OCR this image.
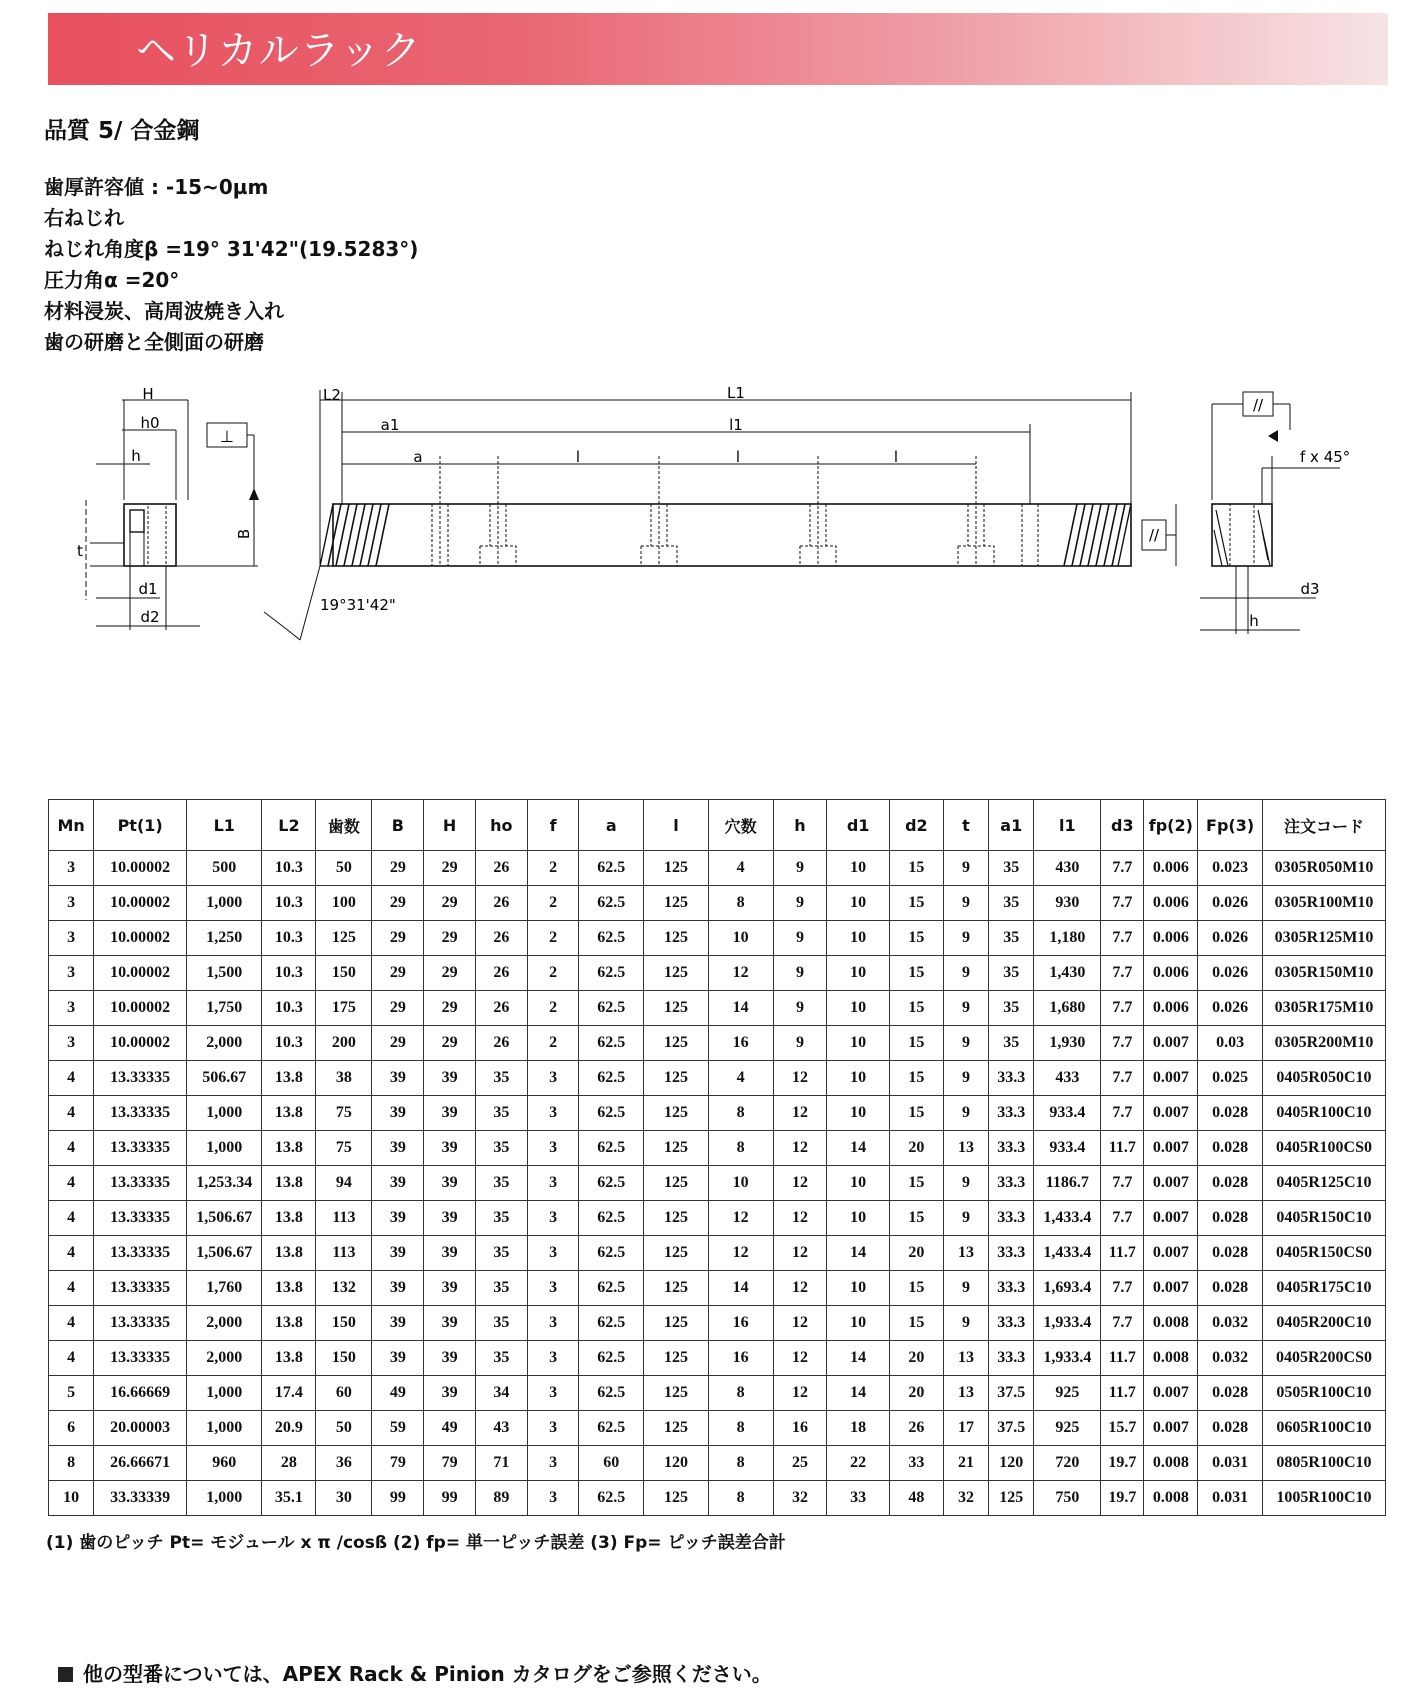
ヘリカルラック
品質 5/ 合金鋼
歯厚許容値 : -15~0µm
右ねじれ
ねじれ角度β =19° 31'42"(19.5283°)
圧力角α =20°
材料浸炭、高周波焼き入れ
歯の研磨と全側面の研磨
H
h0
h
⊥
B
t
d1
d2
L2	L1
a1	l1
a	l	l	l
19°31'42"
//
//
f x 45°
d3
h
Mn	Pt(1)	L1	L2	歯数	B	H	ho	f	a	l	穴数	h	d1	d2	t	a1	l1	d3	fp(2)	Fp(3)	注文コード
3	10.00002	500	10.3	50	29	29	26	2	62.5	125	4	9	10	15	9	35	430	7.7	0.006	0.023	0305R050M10
3	10.00002	1,000	10.3	100	29	29	26	2	62.5	125	8	9	10	15	9	35	930	7.7	0.006	0.026	0305R100M10
3	10.00002	1,250	10.3	125	29	29	26	2	62.5	125	10	9	10	15	9	35	1,180	7.7	0.006	0.026	0305R125M10
3	10.00002	1,500	10.3	150	29	29	26	2	62.5	125	12	9	10	15	9	35	1,430	7.7	0.006	0.026	0305R150M10
3	10.00002	1,750	10.3	175	29	29	26	2	62.5	125	14	9	10	15	9	35	1,680	7.7	0.006	0.026	0305R175M10
3	10.00002	2,000	10.3	200	29	29	26	2	62.5	125	16	9	10	15	9	35	1,930	7.7	0.007	0.03	0305R200M10
4	13.33335	506.67	13.8	38	39	39	35	3	62.5	125	4	12	10	15	9	33.3	433	7.7	0.007	0.025	0405R050C10
4	13.33335	1,000	13.8	75	39	39	35	3	62.5	125	8	12	10	15	9	33.3	933.4	7.7	0.007	0.028	0405R100C10
4	13.33335	1,000	13.8	75	39	39	35	3	62.5	125	8	12	14	20	13	33.3	933.4	11.7	0.007	0.028	0405R100CS0
4	13.33335	1,253.34	13.8	94	39	39	35	3	62.5	125	10	12	10	15	9	33.3	1186.7	7.7	0.007	0.028	0405R125C10
4	13.33335	1,506.67	13.8	113	39	39	35	3	62.5	125	12	12	10	15	9	33.3	1,433.4	7.7	0.007	0.028	0405R150C10
4	13.33335	1,506.67	13.8	113	39	39	35	3	62.5	125	12	12	14	20	13	33.3	1,433.4	11.7	0.007	0.028	0405R150CS0
4	13.33335	1,760	13.8	132	39	39	35	3	62.5	125	14	12	10	15	9	33.3	1,693.4	7.7	0.007	0.028	0405R175C10
4	13.33335	2,000	13.8	150	39	39	35	3	62.5	125	16	12	10	15	9	33.3	1,933.4	7.7	0.008	0.032	0405R200C10
4	13.33335	2,000	13.8	150	39	39	35	3	62.5	125	16	12	14	20	13	33.3	1,933.4	11.7	0.008	0.032	0405R200CS0
5	16.66669	1,000	17.4	60	49	39	34	3	62.5	125	8	12	14	20	13	37.5	925	11.7	0.007	0.028	0505R100C10
6	20.00003	1,000	20.9	50	59	49	43	3	62.5	125	8	16	18	26	17	37.5	925	15.7	0.007	0.028	0605R100C10
8	26.66671	960	28	36	79	79	71	3	60	120	8	25	22	33	21	120	720	19.7	0.008	0.031	0805R100C10
10	33.33339	1,000	35.1	30	99	99	89	3	62.5	125	8	32	33	48	32	125	750	19.7	0.008	0.031	1005R100C10
(1) 歯のピッチ Pt= モジュール x π /cosß (2) fp= 単一ピッチ誤差 (3) Fp= ピッチ誤差合計
他の型番については、APEX Rack & Pinion カタログをご参照ください。
